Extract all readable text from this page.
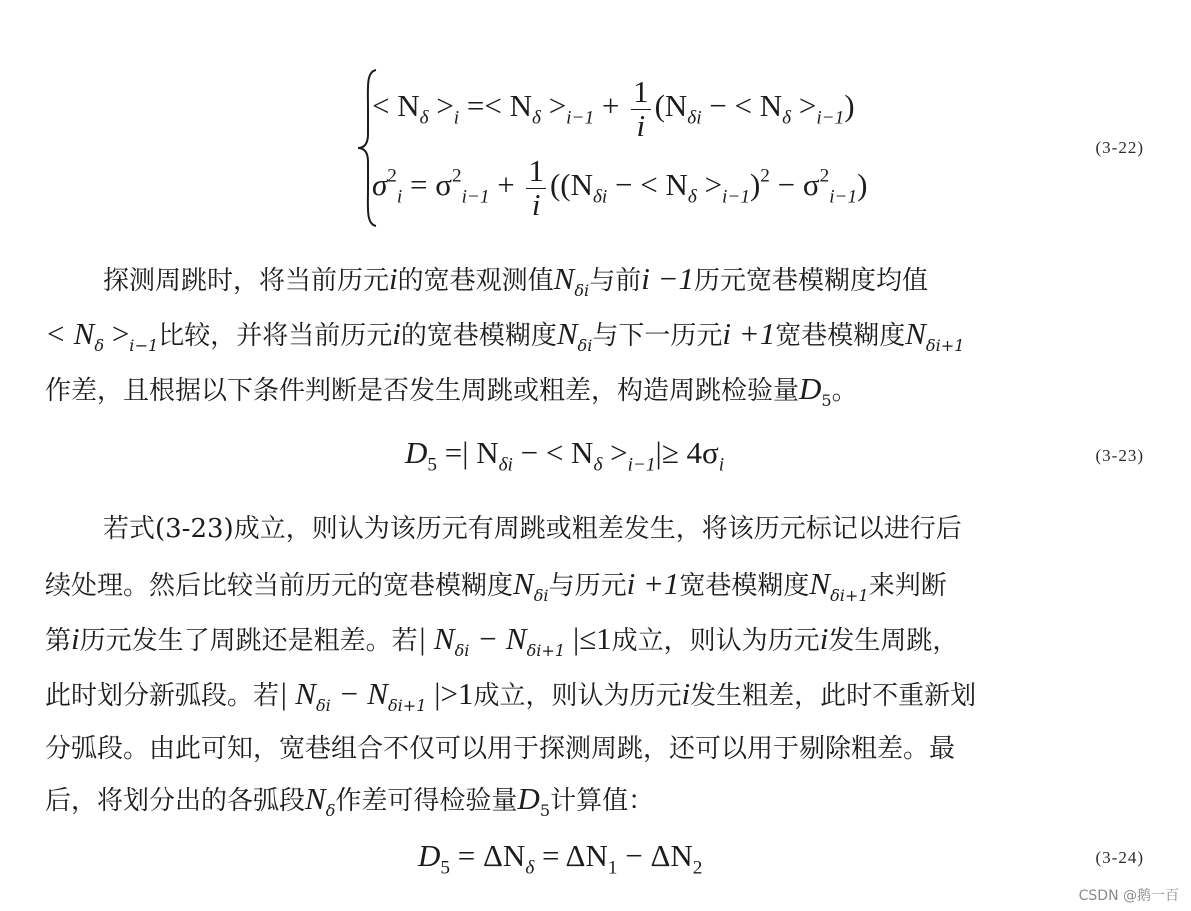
< $N_\delta >_i =< N_\delta >_{i-1} + \frac{1}{i} (N_{\delta i}$ − < $N_\delta >_{i-1}$)
$\sigma^2_i = \sigma^2_{i-1} + \frac{1}{i} ((N_{\delta i}$ − < $N_\delta >_{i-1})^2 - \sigma^2_{i-1}$)
(3-22)
探测周跳时，将当前历元i的宽巷观测值$N_{\delta i}$与前i −1历元宽巷模糊度均值
< $N_\delta >_{i-1}$比较，并将当前历元i的宽巷模糊度$N_{\delta i}$与下一历元i +1宽巷模糊度$N_{\delta i+1}$
作差，且根据以下条件判断是否发生周跳或粗差，构造周跳检验量$D_5$。
$D_5$ =| $N_{\delta i}$ − < $N_\delta >_{i-1}|\ge 4\sigma_i$	(3-23)
若式(3-23)成立，则认为该历元有周跳或粗差发生，将该历元标记以进行后
续处理。然后比较当前历元的宽巷模糊度$N_{\delta i}$与历元i +1宽巷模糊度$N_{\delta i+1}$来判断
第i历元发生了周跳还是粗差。若| $N_{\delta i} - N_{\delta i+1}$ |≤1成立，则认为历元i发生周跳，
此时划分新弧段。若| $N_{\delta i} - N_{\delta i+1}$ |>1成立，则认为历元i发生粗差，此时不重新划
分弧段。由此可知，宽巷组合不仅可以用于探测周跳，还可以用于剔除粗差。最
后，将划分出的各弧段$N_\delta$作差可得检验量$D_5$计算值：
$D_5 = \Delta N_\delta = \Delta N_1 - \Delta N_2$	(3-24)
CSDN @鹅一百
